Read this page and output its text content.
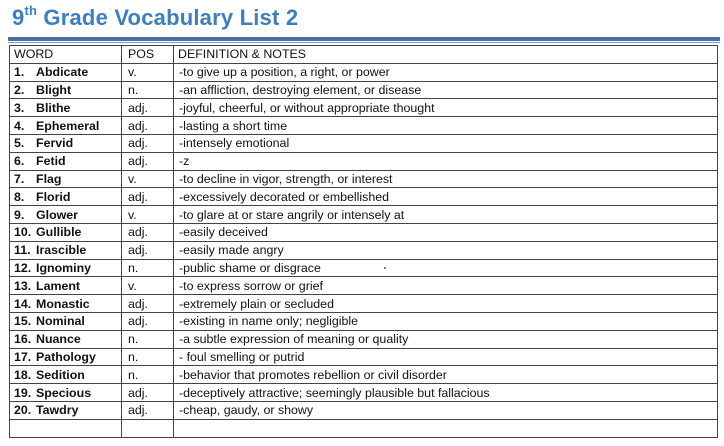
9th Grade Vocabulary List 2
WORD	POS	DEFINITION & NOTES
1. Abdicate	v.	-to give up a position, a right, or power
2. Blight	n.	-an affliction, destroying element, or disease
3. Blithe	adj.	-joyful, cheerful, or without appropriate thought
4. Ephemeral	adj.	-lasting a short time
5. Fervid	adj.	-intensely emotional
6. Fetid	adj.	-z
7. Flag	v.	-to decline in vigor, strength, or interest
8. Florid	adj.	-excessively decorated or embellished
9. Glower	v.	-to glare at or stare angrily or intensely at
10. Gullible	adj.	-easily deceived
11. Irascible	adj.	-easily made angry
12. Ignominy	n.	-public shame or disgrace
13. Lament	v.	-to express sorrow or grief
14. Monastic	adj.	-extremely plain or secluded
15. Nominal	adj.	-existing in name only; negligible
16. Nuance	n.	-a subtle expression of meaning or quality
17. Pathology	n.	- foul smelling or putrid
18. Sedition	n.	-behavior that promotes rebellion or civil disorder
19. Specious	adj.	-deceptively attractive; seemingly plausible but fallacious
20. Tawdry	adj.	-cheap, gaudy, or showy
